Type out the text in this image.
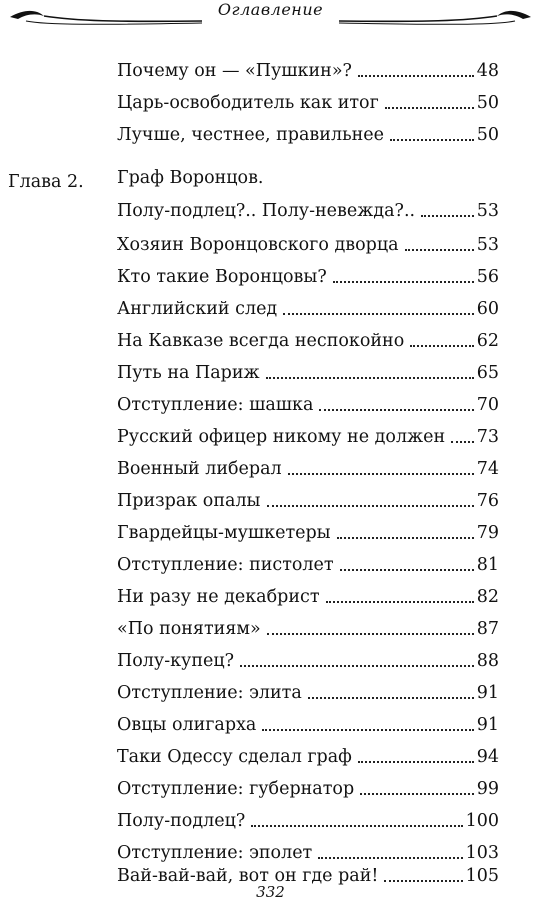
Оглавление
Почему он — «Пушкин»?	48
Царь-освободитель как итог	50
Лучше, честнее, правильнее	50
Глава 2. Граф Воронцов.
Полу-подлец?.. Полу-невежда?..	53
Хозяин Воронцовского дворца	53
Кто такие Воронцовы?	56
Английский след	60
На Кавказе всегда неспокойно	62
Путь на Париж	65
Отступление: шашка	70
Русский офицер никому не должен 73
Военный либерал	74
Призрак опалы	76
Гвардейцы-мушкетеры	79
Отступление: пистолет	81
Ни разу не декабрист	82
«По понятиям»	87
Полу-купец?	88
Отступление: элита	91
Овцы олигарха	91
Таки Одессу сделал граф	94
Отступление: губернатор	99
Полу-подлец?	100
Отступление: эполет	103
Вай-вай-вай, вот он где рай!	105
332
